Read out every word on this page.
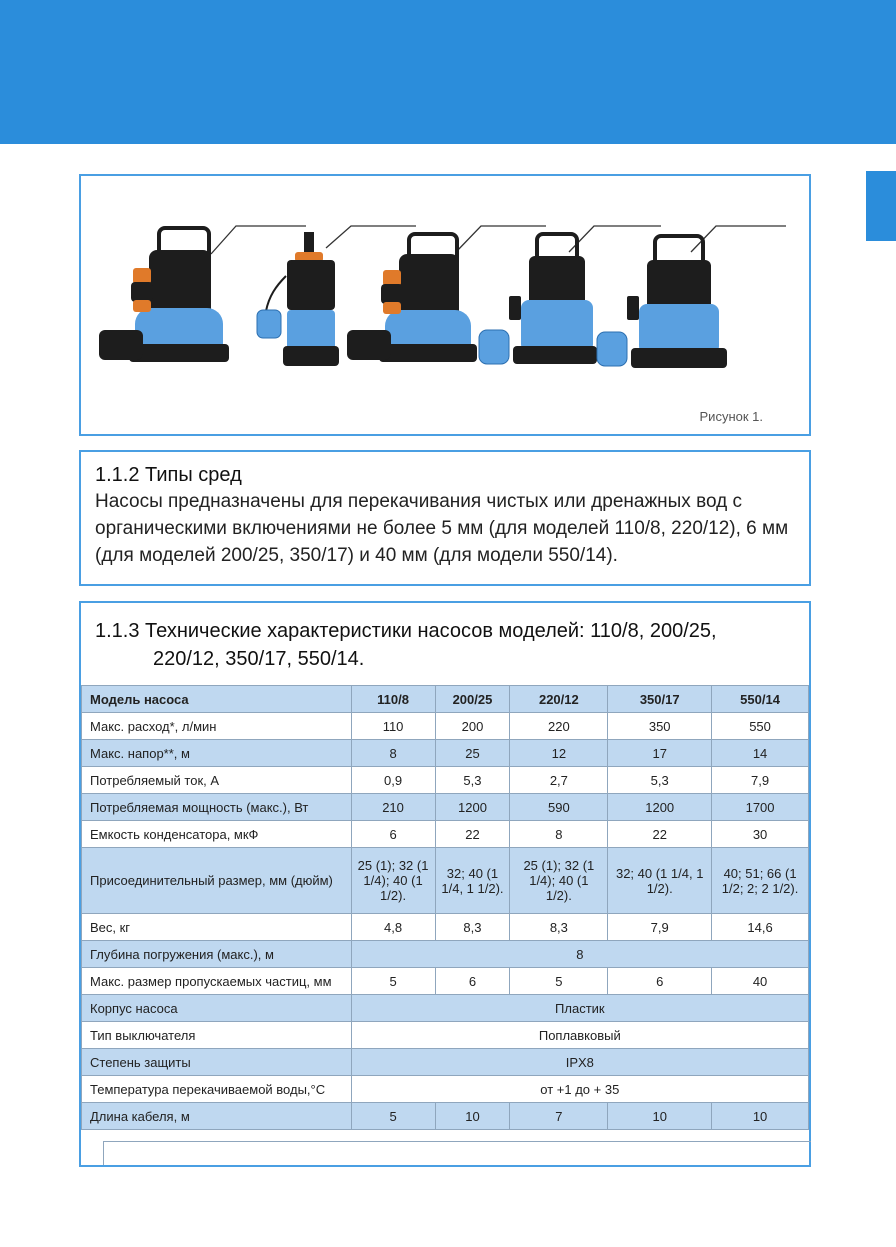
Рисунок 1.
1.1.2 Типы сред

Насосы предназначены для перекачивания чистых или дренажных вод с органическими включениями не более 5 мм (для моделей 110/8, 220/12), 6 мм (для моделей 200/25, 350/17) и 40 мм (для модели 550/14).

1.1.3 Технические характеристики насосов моделей: 110/8, 200/25,
220/12, 350/17, 550/14.
Модель насоса	110/8	200/25	220/12	350/17	550/14
Макс. расход*, л/мин	110	200	220	350	550
Макс. напор**, м	8	25	12	17	14
Потребляемый ток, А	0,9	5,3	2,7	5,3	7,9
Потребляемая мощность (макс.), Вт	210	1200	590	1200	1700
Емкость конденсатора, мкФ	6	22	8	22	30
Присоединительный размер, мм (дюйм)	25 (1); 32 (1 1/4); 40 (1 1/2).	32; 40 (1 1/4, 1 1/2).	25 (1); 32 (1 1/4); 40 (1 1/2).	32; 40 (1 1/4, 1 1/2).	40; 51; 66 (1 1/2; 2; 2 1/2).
Вес, кг	4,8	8,3	8,3	7,9	14,6
Глубина погружения (макс.), м	8				
Макс. размер пропускаемых частиц, мм	5	6	5	6	40
Корпус насоса	Пластик				
Тип выключателя	Поплавковый				
Степень защиты	IPX8				
Температура перекачиваемой воды,°С	от +1 до + 35				
Длина кабеля, м	5	10	7	10	10
